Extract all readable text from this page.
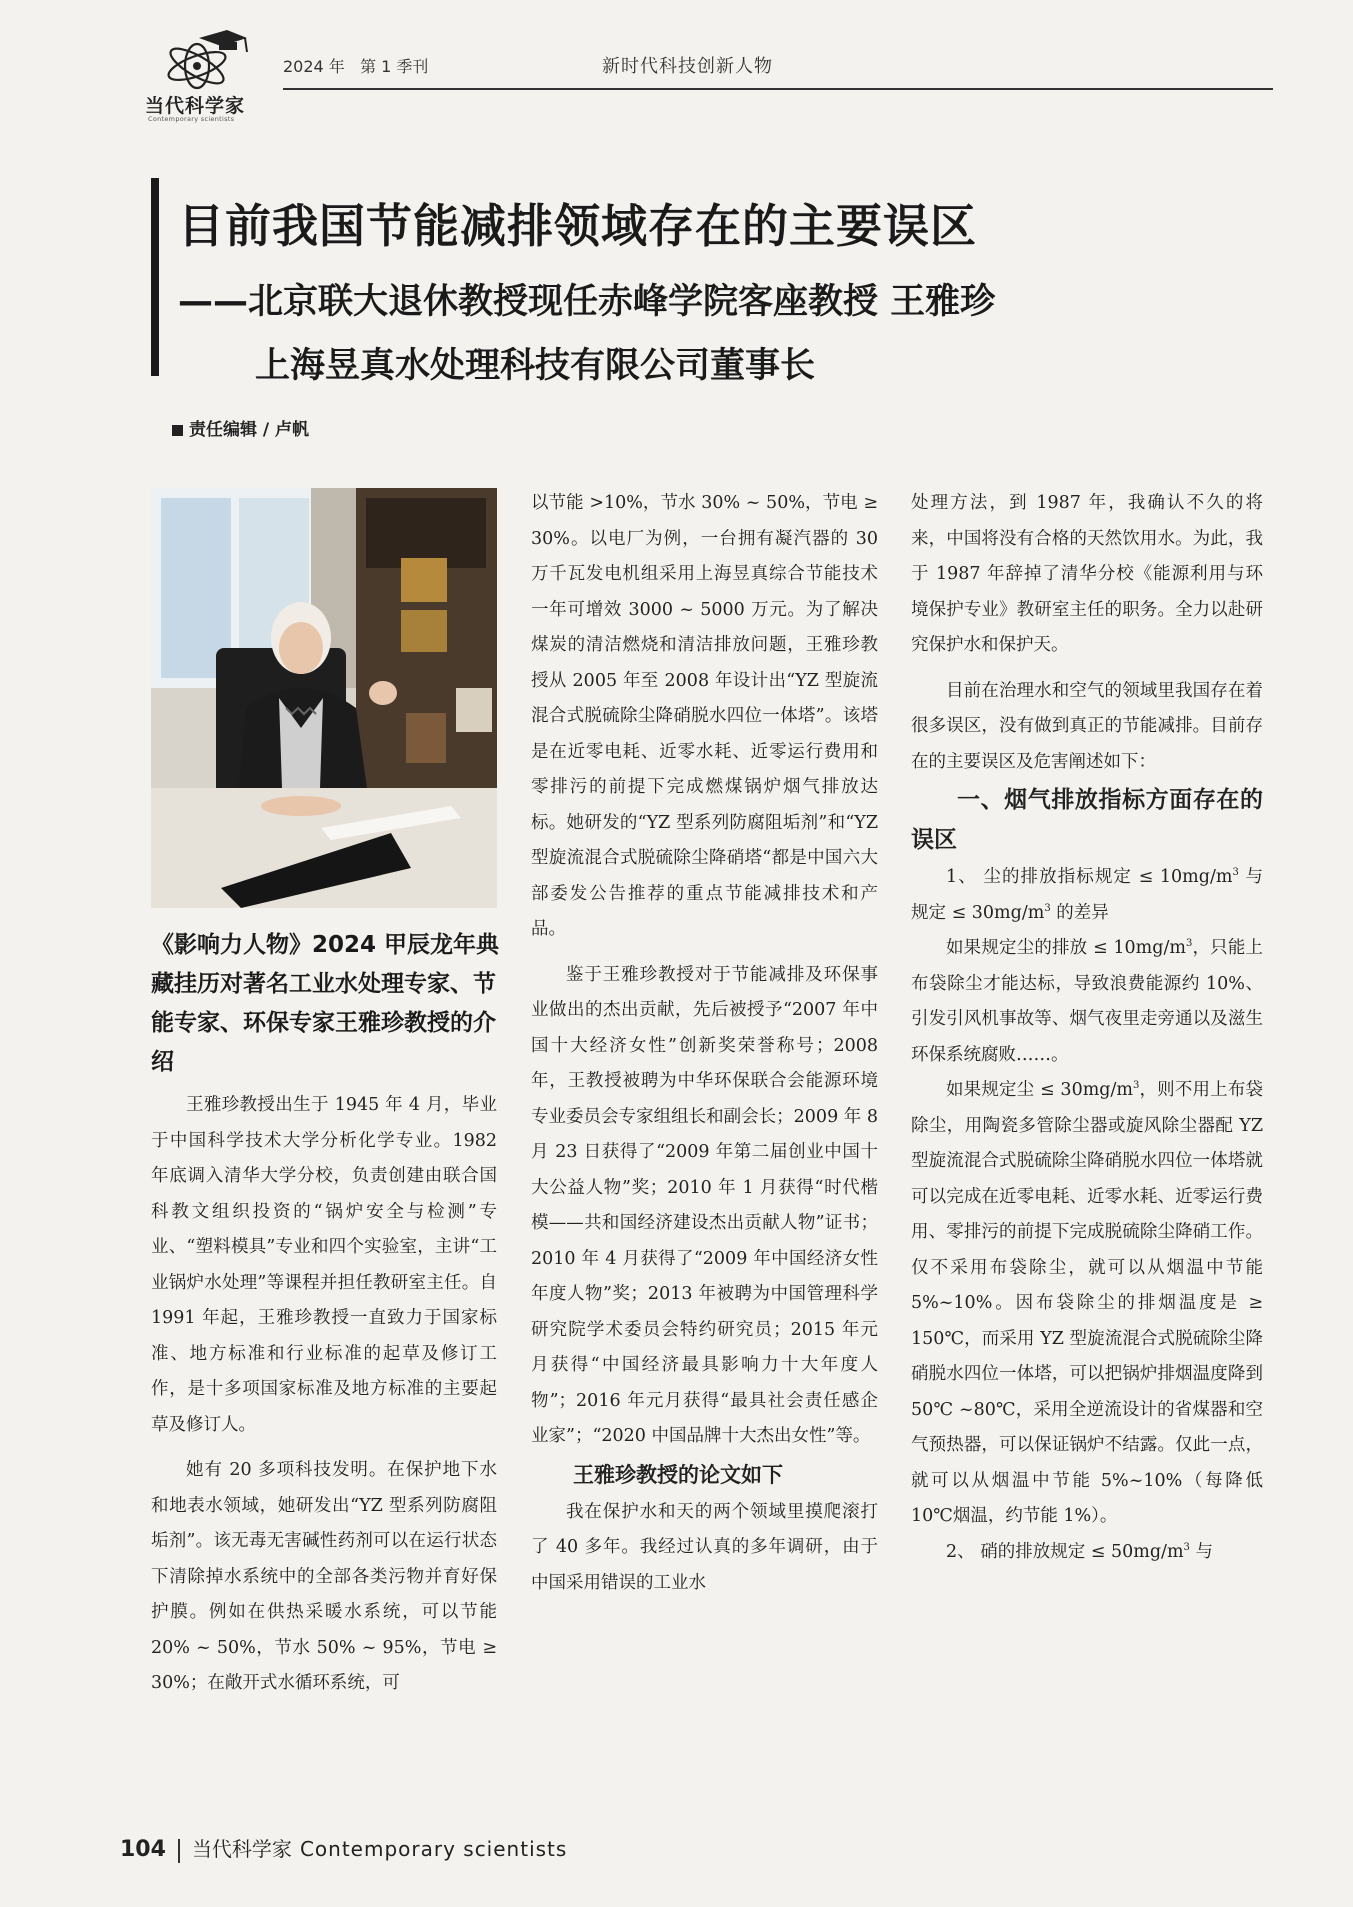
当代科学家
Contemporary scientists
2024 年   第 1 季刊	新时代科技创新人物
目前我国节能减排领域存在的主要误区
——北京联大退休教授现任赤峰学院客座教授 王雅珍
上海昱真水处理科技有限公司董事长
责任编辑 / 卢帆
《影响力人物》2024 甲辰龙年典藏挂历对著名工业水处理专家、节能专家、环保专家王雅珍教授的介绍

王雅珍教授出生于 1945 年 4 月，毕业于中国科学技术大学分析化学专业。1982 年底调入清华大学分校，负责创建由联合国科教文组织投资的“锅炉安全与检测”专业、“塑料模具”专业和四个实验室，主讲“工业锅炉水处理”等课程并担任教研室主任。自 1991 年起，王雅珍教授一直致力于国家标准、地方标准和行业标准的起草及修订工作，是十多项国家标准及地方标准的主要起草及修订人。

她有 20 多项科技发明。在保护地下水和地表水领域，她研发出“YZ 型系列防腐阻垢剂”。该无毒无害碱性药剂可以在运行状态下清除掉水系统中的全部各类污物并育好保护膜。例如在供热采暖水系统，可以节能 20% ~ 50%，节水 50% ~ 95%，节电 ≥ 30%；在敞开式水循环系统，可

以节能 >10%，节水 30% ~ 50%，节电 ≥ 30%。以电厂为例，一台拥有凝汽器的 30 万千瓦发电机组采用上海昱真综合节能技术一年可增效 3000 ~ 5000 万元。为了解决煤炭的清洁燃烧和清洁排放问题，王雅珍教授从 2005 年至 2008 年设计出“YZ 型旋流混合式脱硫除尘降硝脱水四位一体塔”。该塔是在近零电耗、近零水耗、近零运行费用和零排污的前提下完成燃煤锅炉烟气排放达标。她研发的“YZ 型系列防腐阻垢剂”和“YZ 型旋流混合式脱硫除尘降硝塔“都是中国六大部委发公告推荐的重点节能减排技术和产品。

鉴于王雅珍教授对于节能减排及环保事业做出的杰出贡献，先后被授予“2007 年中国十大经济女性”创新奖荣誉称号；2008 年，王教授被聘为中华环保联合会能源环境专业委员会专家组组长和副会长；2009 年 8 月 23 日获得了“2009 年第二届创业中国十大公益人物”奖；2010 年 1 月获得“时代楷模——共和国经济建设杰出贡献人物”证书；2010 年 4 月获得了“2009 年中国经济女性年度人物”奖；2013 年被聘为中国管理科学研究院学术委员会特约研究员；2015 年元月获得“中国经济最具影响力十大年度人物”；2016 年元月获得“最具社会责任感企业家”；“2020 中国品牌十大杰出女性”等。

王雅珍教授的论文如下

我在保护水和天的两个领域里摸爬滚打了 40 多年。我经过认真的多年调研，由于中国采用错误的工业水

处理方法，到 1987 年，我确认不久的将来，中国将没有合格的天然饮用水。为此，我于 1987 年辞掉了清华分校《能源利用与环境保护专业》教研室主任的职务。全力以赴研究保护水和保护天。

目前在治理水和空气的领域里我国存在着很多误区，没有做到真正的节能减排。目前存在的主要误区及危害阐述如下：

一、烟气排放指标方面存在的误区

1、 尘的排放指标规定 ≤ $10mg/m^3$ 与规定 ≤ $30mg/m^3$ 的差异

如果规定尘的排放 ≤ $10mg/m^3$，只能上布袋除尘才能达标，导致浪费能源约 10%、引发引风机事故等、烟气夜里走旁通以及滋生环保系统腐败……。

如果规定尘 ≤ $30mg/m^3$，则不用上布袋除尘，用陶瓷多管除尘器或旋风除尘器配 YZ 型旋流混合式脱硫除尘降硝脱水四位一体塔就可以完成在近零电耗、近零水耗、近零运行费用、零排污的前提下完成脱硫除尘降硝工作。仅不采用布袋除尘，就可以从烟温中节能 5%~10%。因布袋除尘的排烟温度是 ≥ 150℃，而采用 YZ 型旋流混合式脱硫除尘降硝脱水四位一体塔，可以把锅炉排烟温度降到 50℃ ~80℃，采用全逆流设计的省煤器和空气预热器，可以保证锅炉不结露。仅此一点，就可以从烟温中节能 5%~10%（每降低 10℃烟温，约节能 1%）。

2、 硝的排放规定 ≤ $50mg/m^3$ 与

104 当代科学家 Contemporary scientists
